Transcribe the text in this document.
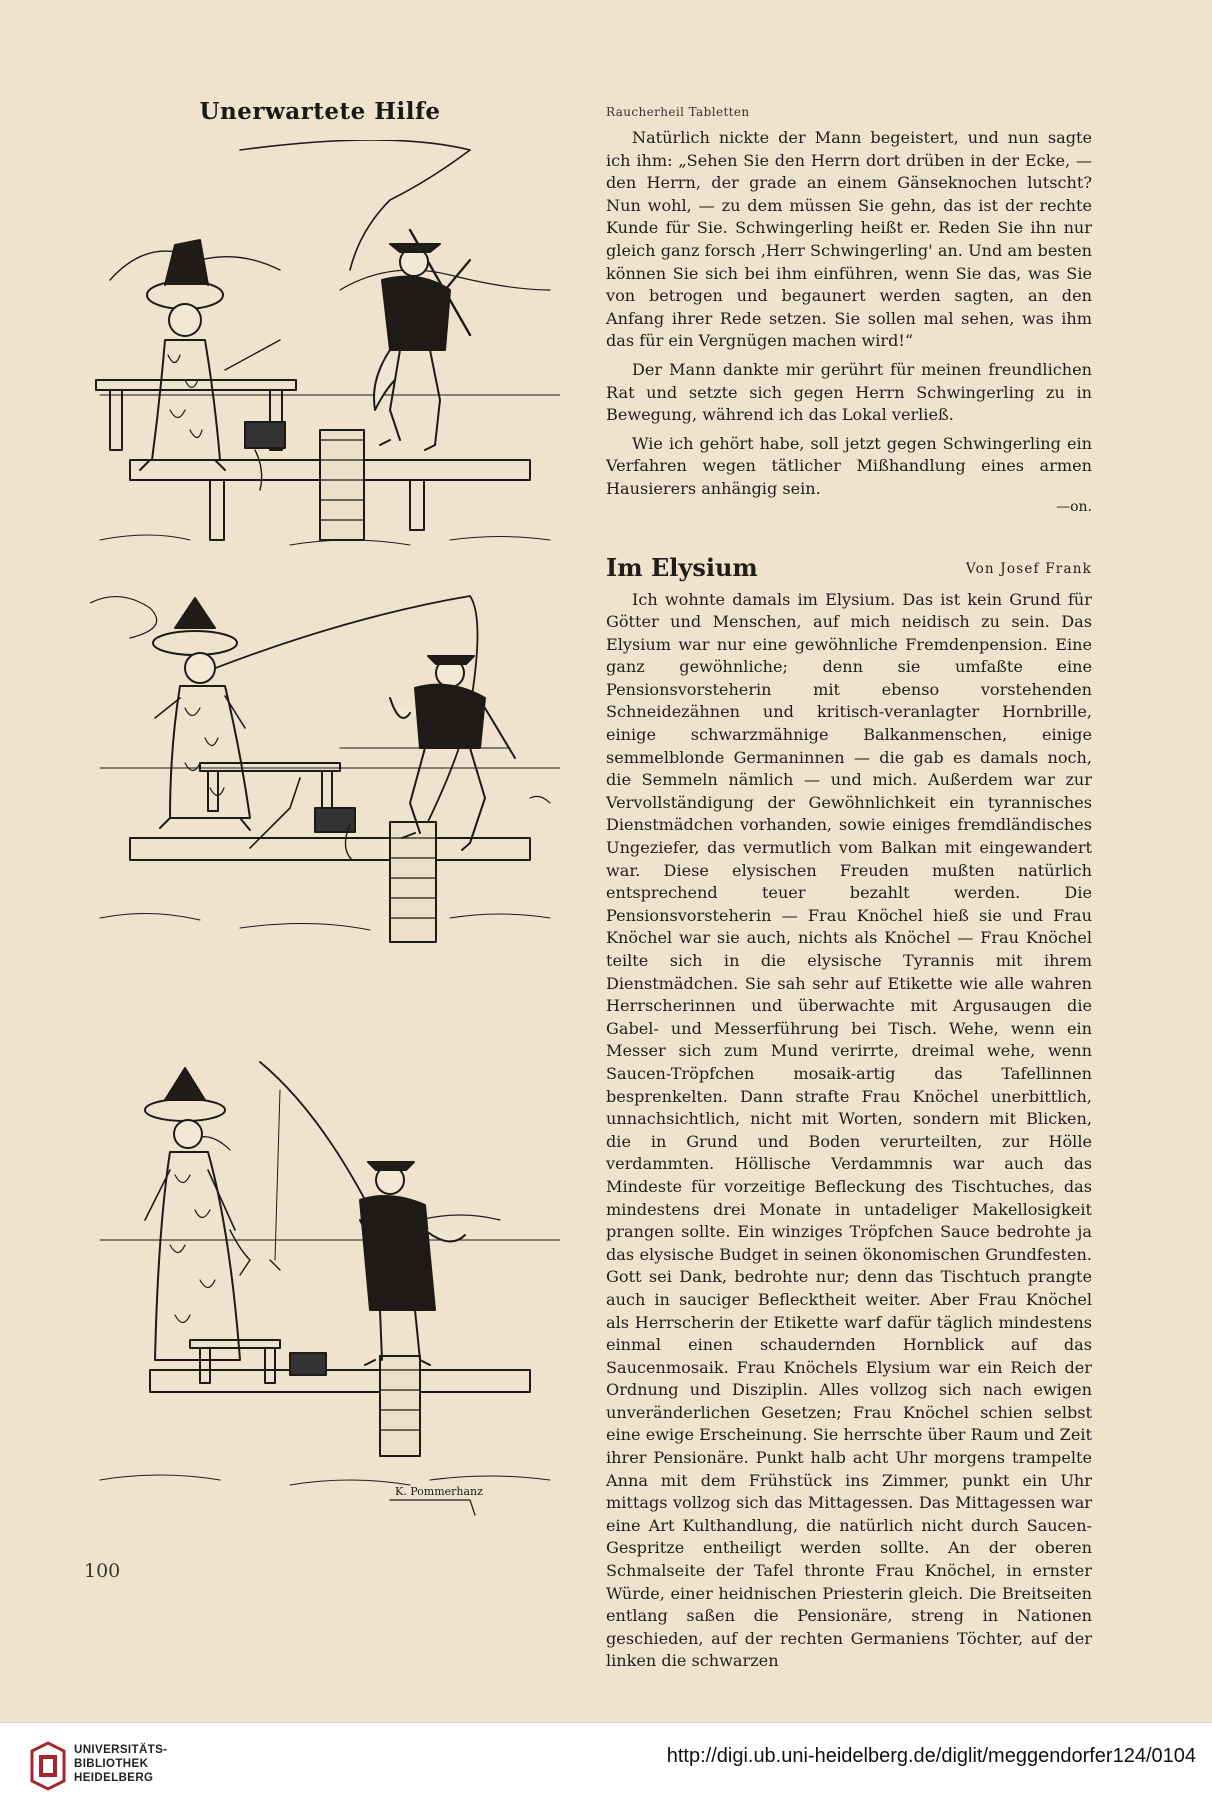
Unerwartete Hilfe
K. Pommerhanz
100

Raucherheil Tabletten

Natürlich nickte der Mann begeistert, und nun sagte ich ihm: „Sehen Sie den Herrn dort drüben in der Ecke, — den Herrn, der grade an einem Gänseknochen lutscht? Nun wohl, — zu dem müssen Sie gehn, das ist der rechte Kunde für Sie. Schwingerling heißt er. Reden Sie ihn nur gleich ganz forsch ‚Herr Schwingerling' an. Und am besten können Sie sich bei ihm einführen, wenn Sie das, was Sie von betrogen und begaunert werden sagten, an den Anfang ihrer Rede setzen. Sie sollen mal sehen, was ihm das für ein Vergnügen machen wird!“

Der Mann dankte mir gerührt für meinen freundlichen Rat und setzte sich gegen Herrn Schwingerling zu in Bewegung, während ich das Lokal verließ.

Wie ich gehört habe, soll jetzt gegen Schwingerling ein Verfahren wegen tätlicher Mißhandlung eines armen Hausierers anhängig sein.

—on.
Im Elysium	Von Josef Frank

Ich wohnte damals im Elysium. Das ist kein Grund für Götter und Menschen, auf mich neidisch zu sein. Das Elysium war nur eine gewöhnliche Fremdenpension. Eine ganz gewöhnliche; denn sie umfaßte eine Pensionsvorsteherin mit ebenso vorstehenden Schneidezähnen und kritisch-veranlagter Hornbrille, einige schwarzmähnige Balkanmenschen, einige semmelblonde Germaninnen — die gab es damals noch, die Semmeln nämlich — und mich. Außerdem war zur Vervollständigung der Gewöhnlichkeit ein tyrannisches Dienstmädchen vorhanden, sowie einiges fremdländisches Ungeziefer, das vermutlich vom Balkan mit eingewandert war. Diese elysischen Freuden mußten natürlich entsprechend teuer bezahlt werden. Die Pensionsvorsteherin — Frau Knöchel hieß sie und Frau Knöchel war sie auch, nichts als Knöchel — Frau Knöchel teilte sich in die elysische Tyrannis mit ihrem Dienstmädchen. Sie sah sehr auf Etikette wie alle wahren Herrscherinnen und überwachte mit Argusaugen die Gabel- und Messerführung bei Tisch. Wehe, wenn ein Messer sich zum Mund verirrte, dreimal wehe, wenn Saucen-Tröpfchen mosaik-artig das Tafellinnen besprenkelten. Dann strafte Frau Knöchel unerbittlich, unnachsichtlich, nicht mit Worten, sondern mit Blicken, die in Grund und Boden verurteilten, zur Hölle verdammten. Höllische Verdammnis war auch das Mindeste für vorzeitige Befleckung des Tischtuches, das mindestens drei Monate in untadeliger Makellosigkeit prangen sollte. Ein winziges Tröpfchen Sauce bedrohte ja das elysische Budget in seinen ökonomischen Grundfesten. Gott sei Dank, bedrohte nur; denn das Tischtuch prangte auch in sauciger Beflecktheit weiter. Aber Frau Knöchel als Herrscherin der Etikette warf dafür täglich mindestens einmal einen schaudernden Hornblick auf das Saucenmosaik. Frau Knöchels Elysium war ein Reich der Ordnung und Disziplin. Alles vollzog sich nach ewigen unveränderlichen Gesetzen; Frau Knöchel schien selbst eine ewige Erscheinung. Sie herrschte über Raum und Zeit ihrer Pensionäre. Punkt halb acht Uhr morgens trampelte Anna mit dem Frühstück ins Zimmer, punkt ein Uhr mittags vollzog sich das Mittagessen. Das Mittagessen war eine Art Kulthandlung, die natürlich nicht durch Saucen-Gespritze entheiligt werden sollte. An der oberen Schmalseite der Tafel thronte Frau Knöchel, in ernster Würde, einer heidnischen Priesterin gleich. Die Breitseiten entlang saßen die Pensionäre, streng in Nationen geschieden, auf der rechten Germaniens Töchter, auf der linken die schwarzen

UNIVERSITÄTS-
BIBLIOTHEK
HEIDELBERG
http://digi.ub.uni-heidelberg.de/diglit/meggendorfer124/0104
